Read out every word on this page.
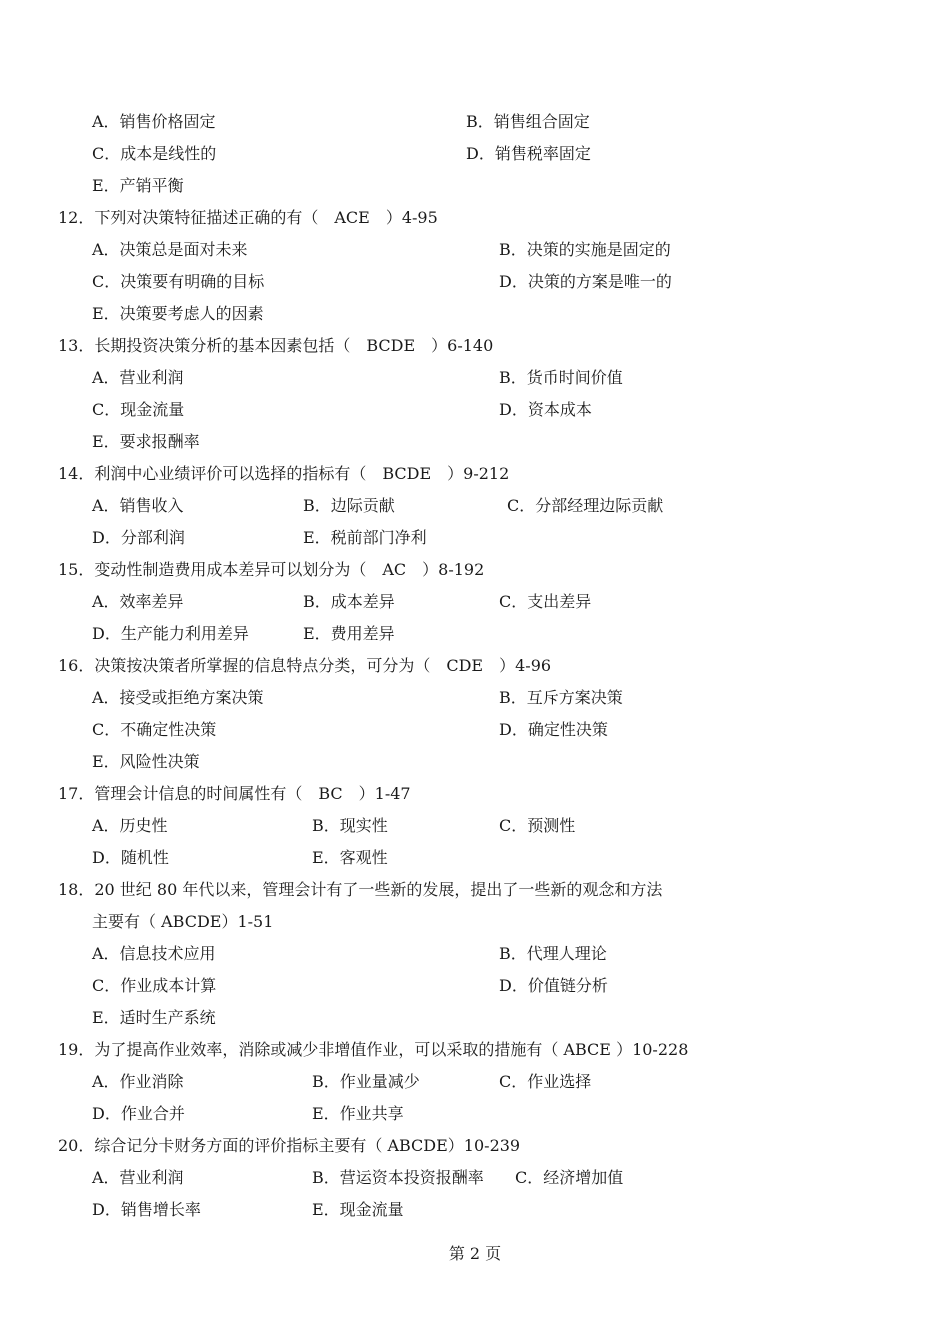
A．销售价格固定	B．销售组合固定
C．成本是线性的	D．销售税率固定
E．产销平衡
12．下列对决策特征描述正确的有（　ACE　）4-95
A．决策总是面对未来	B．决策的实施是固定的
C．决策要有明确的目标	D．决策的方案是唯一的
E．决策要考虑人的因素
13．长期投资决策分析的基本因素包括（　BCDE　）6-140
A．营业利润	B．货币时间价值
C．现金流量	D．资本成本
E．要求报酬率
14．利润中心业绩评价可以选择的指标有（　BCDE　）9-212
A．销售收入	B．边际贡献	C．分部经理边际贡献
D．分部利润	E．税前部门净利
15．变动性制造费用成本差异可以划分为（　AC　）8-192
A．效率差异	B．成本差异	C．支出差异
D．生产能力利用差异	E．费用差异
16．决策按决策者所掌握的信息特点分类，可分为（　CDE　）4-96
A．接受或拒绝方案决策	B．互斥方案决策
C．不确定性决策	D．确定性决策
E．风险性决策
17．管理会计信息的时间属性有（　BC　）1-47
A．历史性	B．现实性	C．预测性
D．随机性	E．客观性
18．20 世纪 80 年代以来，管理会计有了一些新的发展，提出了一些新的观念和方法
主要有（ ABCDE）1-51
A．信息技术应用	B．代理人理论
C．作业成本计算	D．价值链分析
E．适时生产系统
19．为了提高作业效率，消除或减少非增值作业，可以采取的措施有（ ABCE ）10-228
A．作业消除	B．作业量减少	C．作业选择
D．作业合并	E．作业共享
20．综合记分卡财务方面的评价指标主要有（ ABCDE）10-239
A．营业利润	B．营运资本投资报酬率 C．经济增加值
D．销售增长率	E．现金流量
第 2 页
